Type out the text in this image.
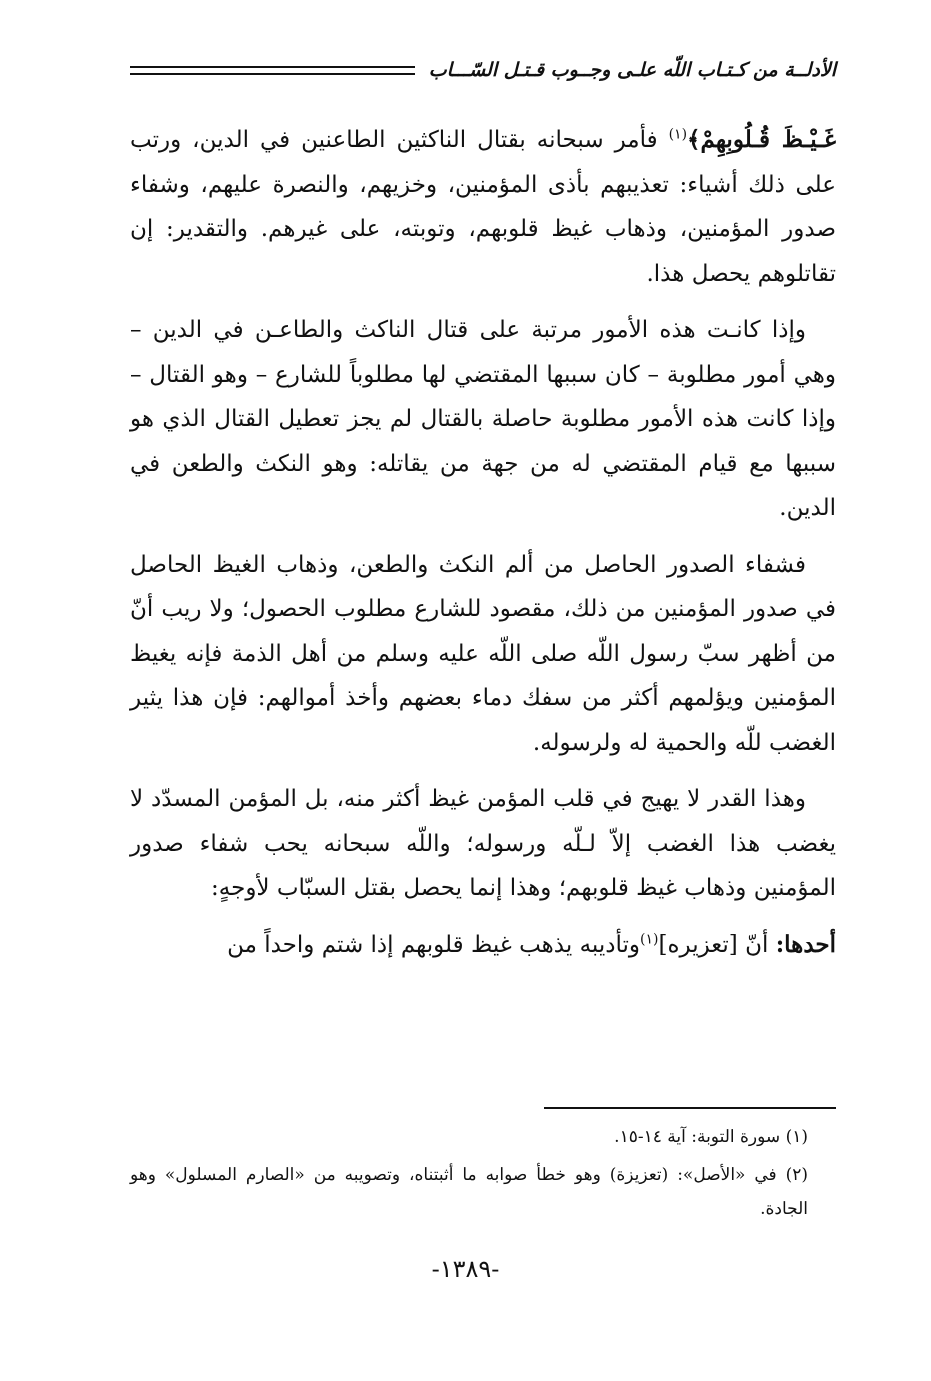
الأدلــة من كـتـاب اللّه علـى وجــوب قـتـل السّـــاب

غَـيْـظَ قُـلُوبِهِمْ﴾$^{(١)}$ فأمر سبحانه بقتال الناكثين الطاعنين في الدين، ورتب على ذلك أشياء: تعذيبهم بأذى المؤمنين، وخزيهم، والنصرة عليهم، وشفاء صدور المؤمنين، وذهاب غيظ قلوبهم، وتوبته، على غيرهم. والتقدير: إن تقاتلوهم يحصل هذا.

وإذا كانـت هذه الأمور مرتبة على قتال الناكث والطاعـن في الدين – وهي أمور مطلوبة – كان سببها المقتضي لها مطلوباً للشارع – وهو القتال – وإذا كانت هذه الأمور مطلوبة حاصلة بالقتال لم يجز تعطيل القتال الذي هو سببها مع قيام المقتضي له من جهة من يقاتله: وهو النكث والطعن في الدين.

فشفاء الصدور الحاصل من ألم النكث والطعن، وذهاب الغيظ الحاصل في صدور المؤمنين من ذلك، مقصود للشارع مطلوب الحصول؛ ولا ريب أنّ من أظهر سبّ رسول اللّه صلى اللّه عليه وسلم من أهل الذمة فإنه يغيظ المؤمنين ويؤلمهم أكثر من سفك دماء بعضهم وأخذ أموالهم: فإن هذا يثير الغضب للّه والحمية له ولرسوله.

وهذا القدر لا يهيج في قلب المؤمن غيظ أكثر منه، بل المؤمن المسدّد لا يغضب هذا الغضب إلاّ لـلّه ورسوله؛ واللّه سبحانه يحب شفاء صدور المؤمنين وذهاب غيظ قلوبهم؛ وهذا إنما يحصل بقتل السبّاب لأوجهٍ:

أحدها: أنّ [تعزيره]$^{(١)}$وتأديبه يذهب غيظ قلوبهم إذا شتم واحداً من

(١) سورة التوبة: آية ١٤-١٥.

(٢) في «الأصل»: (تعزيزة) وهو خطأ صوابه ما أثبتناه، وتصويبه من «الصارم المسلول» وهو الجادة.

-١٣٨٩-
